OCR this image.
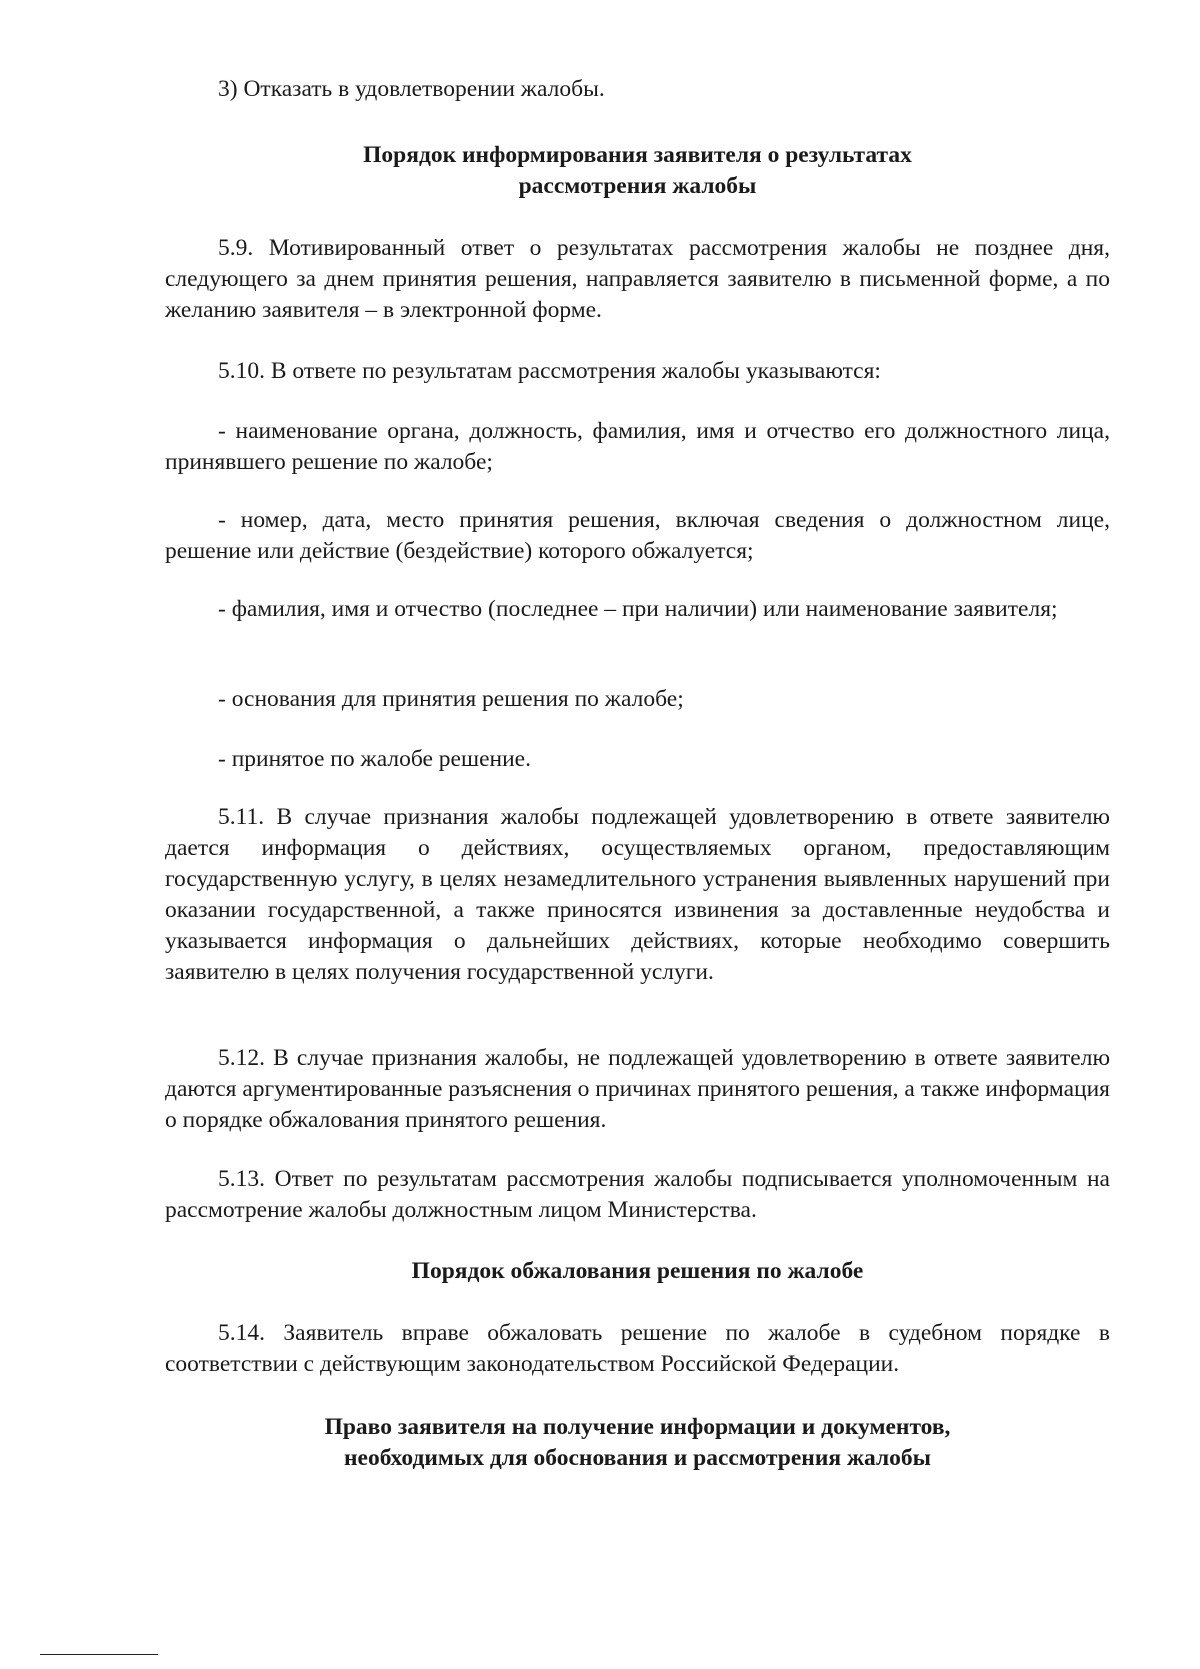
3) Отказать в удовлетворении жалобы.

Порядок информирования заявителя о результатах
рассмотрения жалобы

5.9. Мотивированный ответ о результатах рассмотрения жалобы не позднее дня, следующего за днем принятия решения, направляется заявителю в письменной форме, а по желанию заявителя – в электронной форме.

5.10. В ответе по результатам рассмотрения жалобы указываются:

- наименование органа, должность, фамилия, имя и отчество его должностного лица, принявшего решение по жалобе;

- номер, дата, место принятия решения, включая сведения о должностном лице, решение или действие (бездействие) которого обжалуется;

- фамилия, имя и отчество (последнее – при наличии) или наименование заявителя;

- основания для принятия решения по жалобе;

- принятое по жалобе решение.

5.11. В случае признания жалобы подлежащей удовлетворению в ответе заявителю дается информация о действиях, осуществляемых органом, предоставляющим государственную услугу, в целях незамедлительного устранения выявленных нарушений при оказании государственной, а также приносятся извинения за доставленные неудобства и указывается информация о дальнейших действиях, которые необходимо совершить заявителю в целях получения государственной услуги.

5.12. В случае признания жалобы, не подлежащей удовлетворению в ответе заявителю даются аргументированные разъяснения о причинах принятого решения, а также информация о порядке обжалования принятого решения.

5.13. Ответ по результатам рассмотрения жалобы подписывается уполномоченным на рассмотрение жалобы должностным лицом Министерства.

Порядок обжалования решения по жалобе

5.14. Заявитель вправе обжаловать решение по жалобе в судебном порядке в соответствии с действующим законодательством Российской Федерации.

Право заявителя на получение информации и документов,
необходимых для обоснования и рассмотрения жалобы
